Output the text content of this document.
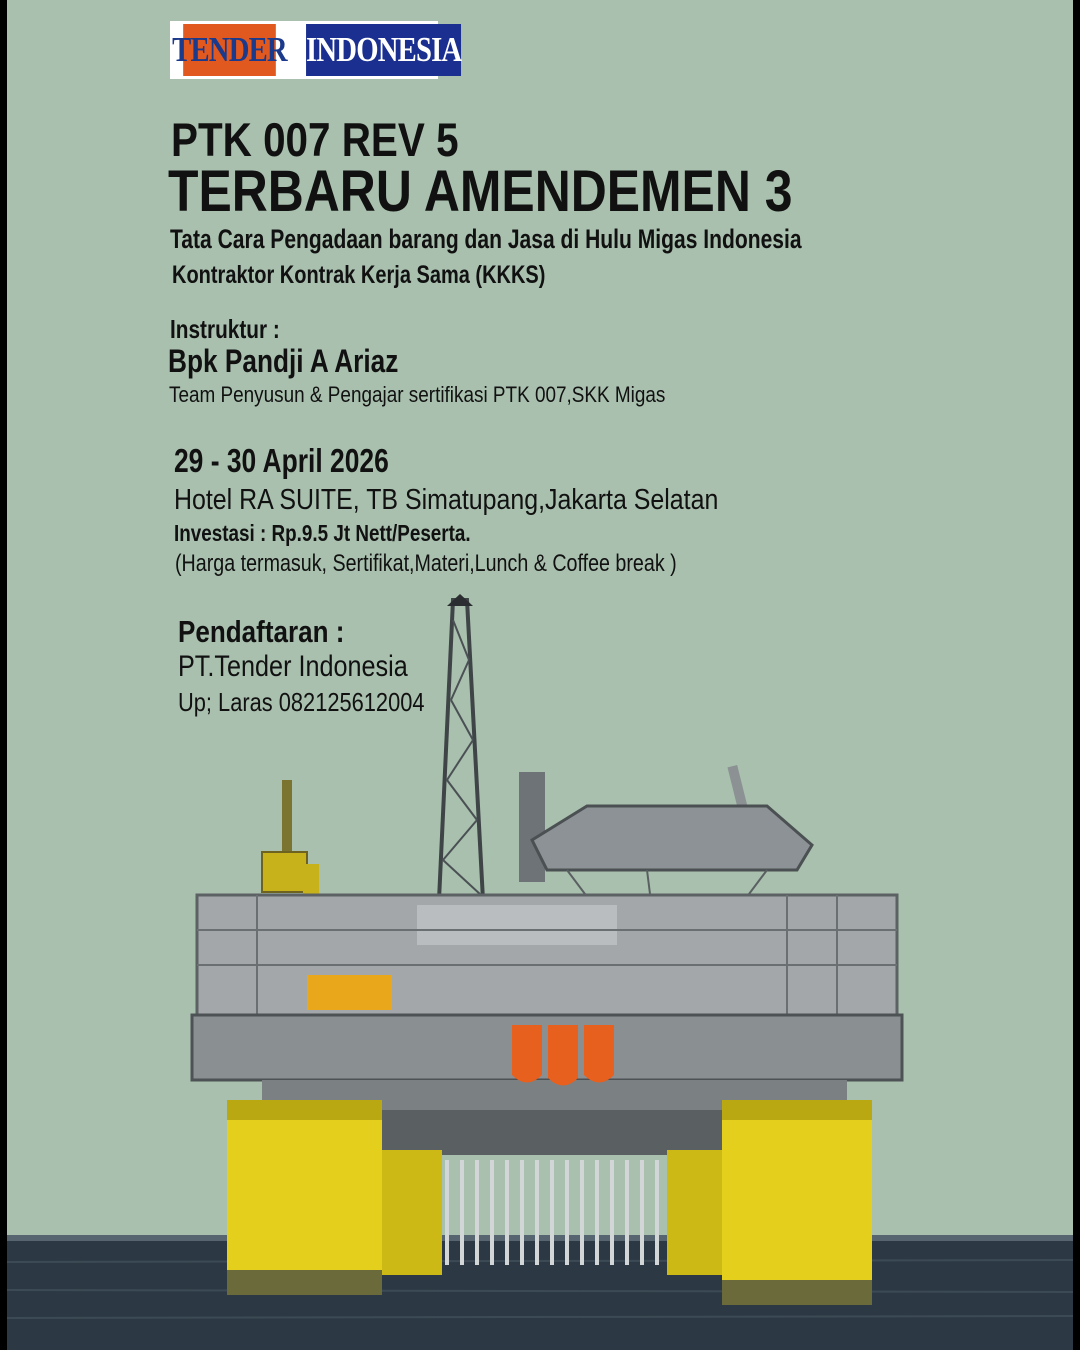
TENDER INDONESIA
PTK 007 REV 5
TERBARU AMENDEMEN 3
Tata Cara Pengadaan barang dan Jasa di Hulu Migas Indonesia
Kontraktor Kontrak Kerja Sama (KKKS)
Instruktur :
Bpk Pandji A Ariaz
Team Penyusun & Pengajar sertifikasi PTK 007,SKK Migas
29 - 30 April 2026
Hotel RA SUITE, TB Simatupang,Jakarta Selatan
Investasi : Rp.9.5 Jt Nett/Peserta.
(Harga termasuk, Sertifikat,Materi,Lunch & Coffee break )
Pendaftaran :
PT.Tender Indonesia
Up; Laras 082125612004
